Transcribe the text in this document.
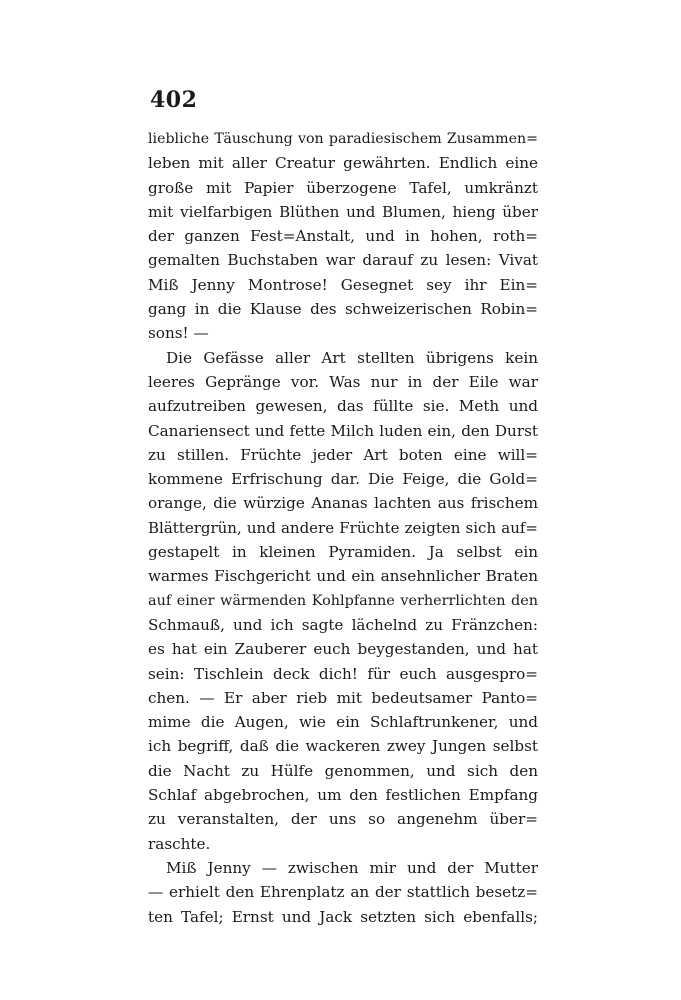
402
liebliche Täuschung von paradiesischem Zusammen=
leben mit aller Creatur gewährten. Endlich eine
große mit Papier überzogene Tafel, umkränzt
mit vielfarbigen Blüthen und Blumen, hieng über
der ganzen Fest=Anstalt, und in hohen, roth=
gemalten Buchstaben war darauf zu lesen: Vivat
Miß Jenny Montrose! Gesegnet sey ihr Ein=
gang in die Klause des schweizerischen Robin=
sons! —
Die Gefässe aller Art stellten übrigens kein
leeres Gepränge vor. Was nur in der Eile war
aufzutreiben gewesen, das füllte sie. Meth und
Canariensect und fette Milch luden ein, den Durst
zu stillen. Früchte jeder Art boten eine will=
kommene Erfrischung dar. Die Feige, die Gold=
orange, die würzige Ananas lachten aus frischem
Blättergrün, und andere Früchte zeigten sich auf=
gestapelt in kleinen Pyramiden. Ja selbst ein
warmes Fischgericht und ein ansehnlicher Braten
auf einer wärmenden Kohlpfanne verherrlichten den
Schmauß, und ich sagte lächelnd zu Fränzchen:
es hat ein Zauberer euch beygestanden, und hat
sein: Tischlein deck dich! für euch ausgespro=
chen. — Er aber rieb mit bedeutsamer Panto=
mime die Augen, wie ein Schlaftrunkener, und
ich begriff, daß die wackeren zwey Jungen selbst
die Nacht zu Hülfe genommen, und sich den
Schlaf abgebrochen, um den festlichen Empfang
zu veranstalten, der uns so angenehm über=
raschte.
Miß Jenny — zwischen mir und der Mutter
— erhielt den Ehrenplatz an der stattlich besetz=
ten Tafel; Ernst und Jack setzten sich ebenfalls;
